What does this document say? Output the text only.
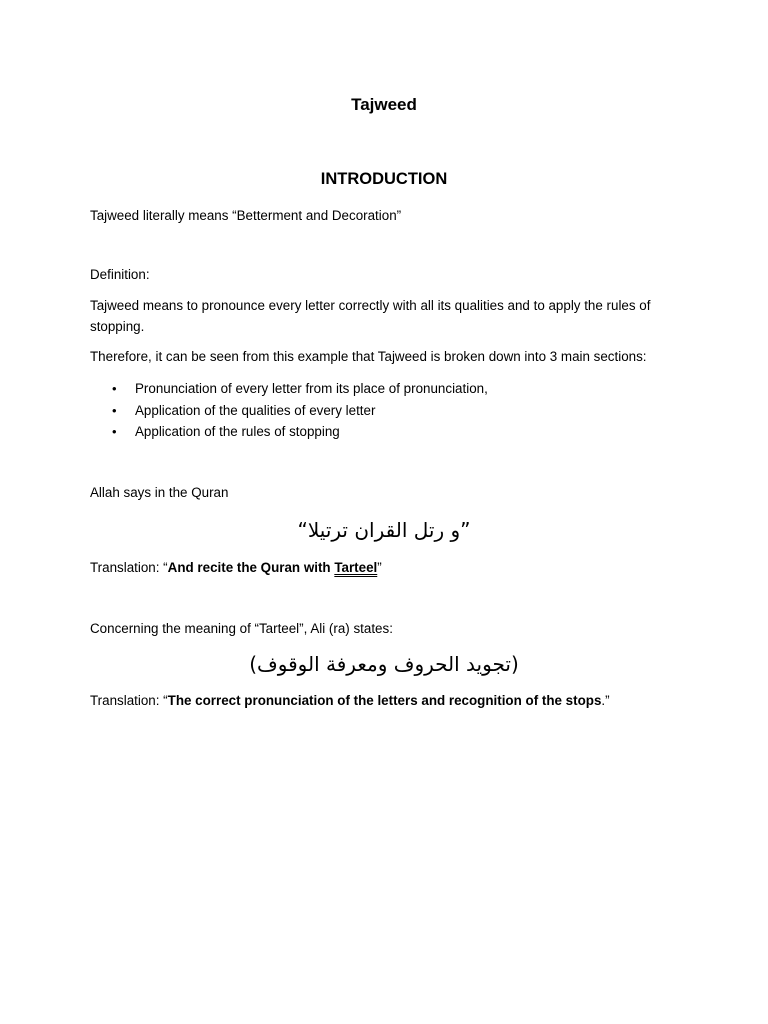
Tajweed
INTRODUCTION
Tajweed literally means “Betterment and Decoration”
Definition:
Tajweed means to pronounce every letter correctly with all its qualities and to apply the rules of stopping.
Therefore, it can be seen from this example that Tajweed is broken down into 3 main sections:
• Pronunciation of every letter from its place of pronunciation,
• Application of the qualities of every letter
• Application of the rules of stopping
Allah says in the Quran
“و رتل القران ترتيلا”
Translation: “And recite the Quran with Tarteel”
Concerning the meaning of “Tarteel”, Ali (ra) states:
(تجويد الحروف ومعرفة الوقوف)
Translation: “The correct pronunciation of the letters and recognition of the stops.”
